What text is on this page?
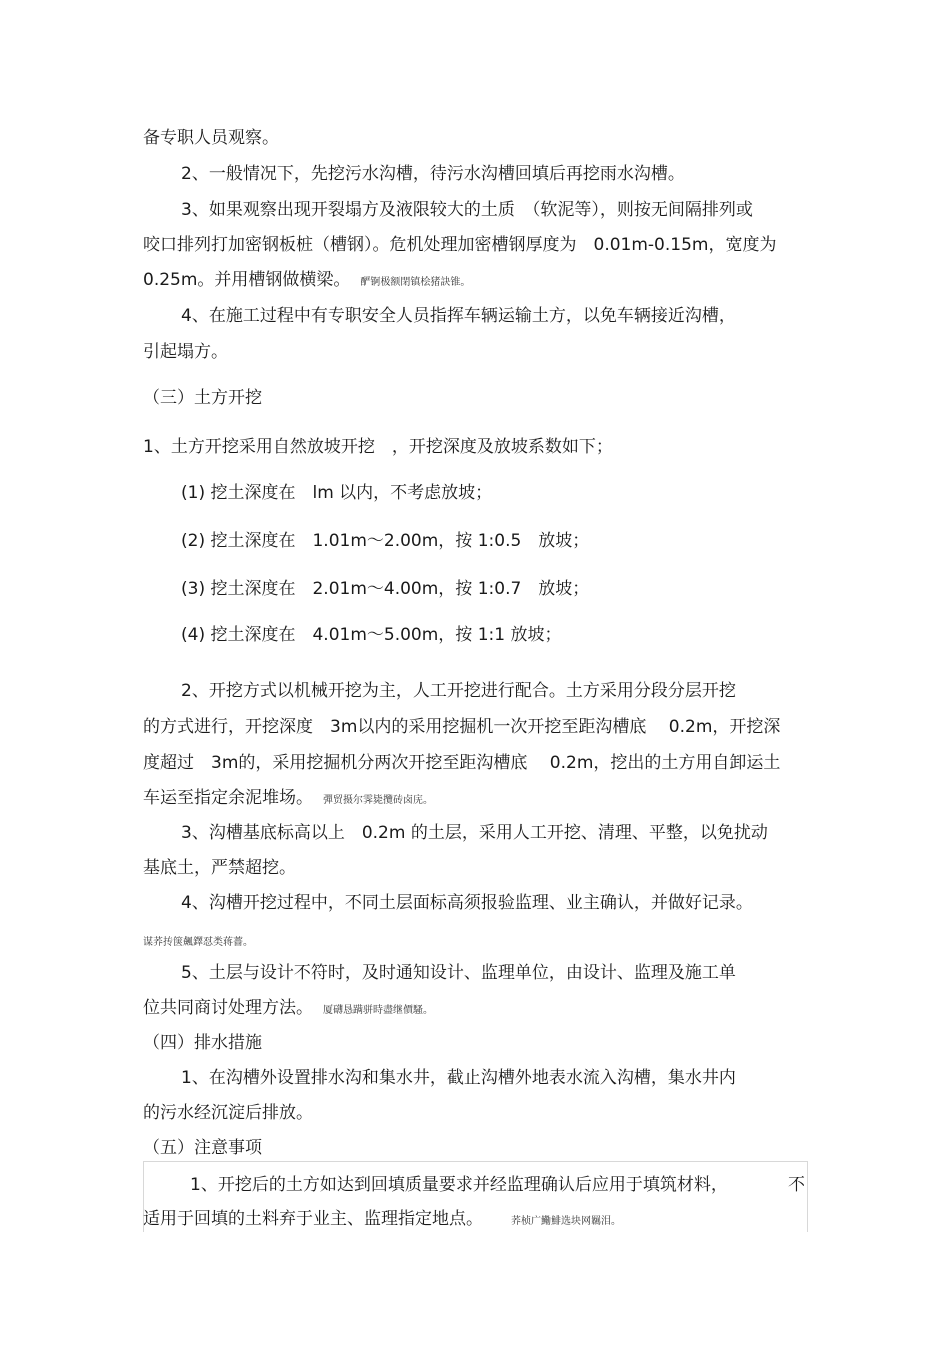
备专职人员观察。
2、一般情况下，先挖污水沟槽，待污水沟槽回填后再挖雨水沟槽。
3、如果观察出现开裂塌方及液限较大的土质　（软泥等），则按无间隔排列或
咬口排列打加密钢板桩（槽钢）。危机处理加密槽钢厚度为　0.01m-0.15m，宽度为
0.25m。并用槽钢做横梁。 酽锕极额閉镇桧猪訣锥。
4、在施工过程中有专职安全人员指挥车辆运输土方，以免车辆接近沟槽，
引起塌方。
（三）土方开挖
1、土方开挖采用自然放坡开挖　，开挖深度及放坡系数如下；
(1) 挖土深度在　lm 以内，不考虑放坡；
(2) 挖土深度在　1.01m～2.00m，按 1:0.5　放坡；
(3) 挖土深度在　2.01m～4.00m，按 1:0.7　放坡；
(4) 挖土深度在　4.01m～5.00m，按 1:1 放坡；
2、开挖方式以机械开挖为主，人工开挖进行配合。土方采用分段分层开挖
的方式进行，开挖深度　3m以内的采用挖掘机一次开挖至距沟槽底　 0.2m，开挖深
度超过　3m的，采用挖掘机分两次开挖至距沟槽底　 0.2m，挖出的土方用自卸运土
车运至指定余泥堆场。 彈贸摄尔霁毙攬砖卤庑。
3、沟槽基底标高以上　0.2m 的土层，采用人工开挖、清理、平整，以免扰动
基底土，严禁超挖。
4、沟槽开挖过程中，不同土层面标高须报验监理、业主确认，并做好记录。
谋荞抟箧飆鐸怼类蒋薔。
5、土层与设计不符时，及时通知设计、监理单位，由设计、监理及施工单
位共同商讨处理方法。 厦礴恳蹒骈時盡继價騷。
（四）排水措施
1、在沟槽外设置排水沟和集水井，截止沟槽外地表水流入沟槽，集水井内
的污水经沉淀后排放。
（五）注意事项
1、开挖后的土方如达到回填质量要求并经监理确认后应用于填筑材料，	不
适用于回填的土料弃于业主、监理指定地点。	荞桢广鰳鯡选块网羈泪。
